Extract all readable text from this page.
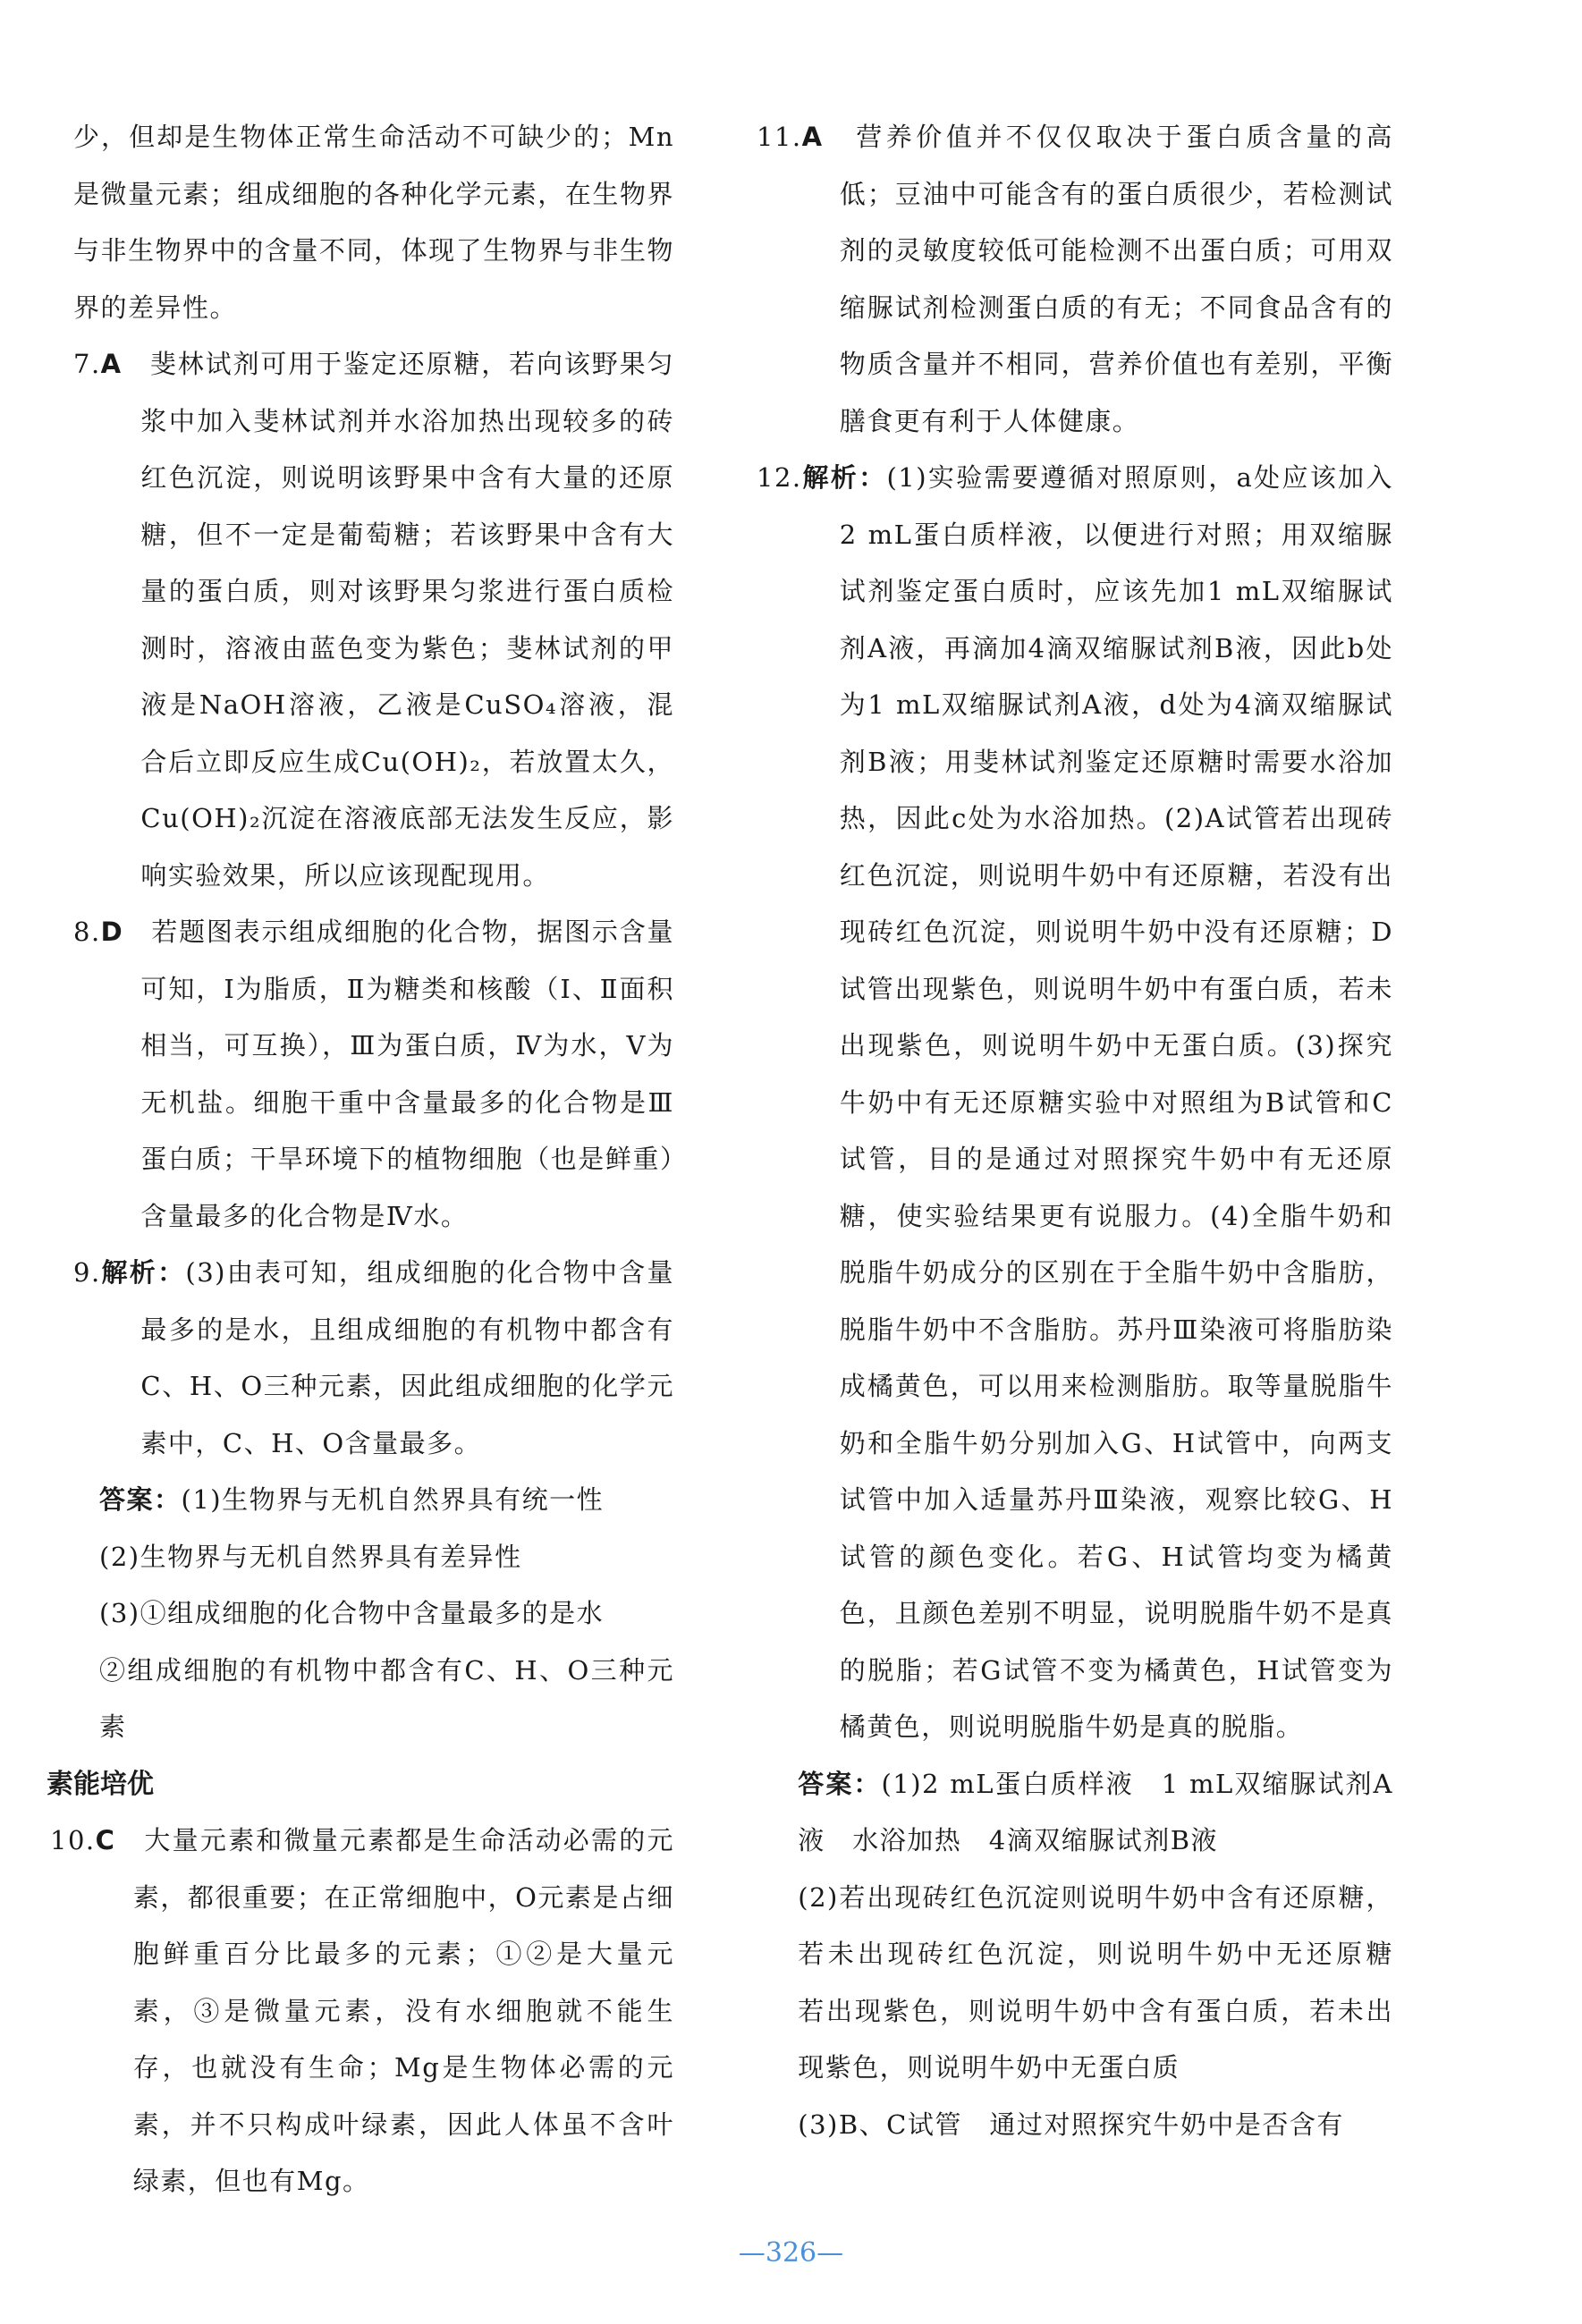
少，但却是生物体正常生命活动不可缺少的；Mn是微量元素；组成细胞的各种化学元素，在生物界与非生物界中的含量不同，体现了生物界与非生物界的差异性。
7.A　 斐林试剂可用于鉴定还原糖，若向该野果匀浆中加入斐林试剂并水浴加热出现较多的砖红色沉淀，则说明该野果中含有大量的还原糖，但不一定是葡萄糖；若该野果中含有大量的蛋白质，则对该野果匀浆进行蛋白质检测时，溶液由蓝色变为紫色；斐林试剂的甲液是NaOH溶液，乙液是CuSO₄溶液，混合后立即反应生成Cu(OH)₂，若放置太久，Cu(OH)₂沉淀在溶液底部无法发生反应，影响实验效果，所以应该现配现用。
8.D　 若题图表示组成细胞的化合物，据图示含量可知，Ⅰ为脂质，Ⅱ为糖类和核酸（Ⅰ、Ⅱ面积相当，可互换），Ⅲ为蛋白质，Ⅳ为水，Ⅴ为无机盐。细胞干重中含量最多的化合物是Ⅲ蛋白质；干旱环境下的植物细胞（也是鲜重）含量最多的化合物是Ⅳ水。
9.解析：(3)由表可知，组成细胞的化合物中含量最多的是水，且组成细胞的有机物中都含有C、H、O三种元素，因此组成细胞的化学元素中，C、H、O含量最多。
答案：(1)生物界与无机自然界具有统一性
(2)生物界与无机自然界具有差异性
(3)①组成细胞的化合物中含量最多的是水
②组成细胞的有机物中都含有C、H、O三种元素
素能培优
10.C　 大量元素和微量元素都是生命活动必需的元素，都很重要；在正常细胞中，O元素是占细胞鲜重百分比最多的元素；①②是大量元素，③是微量元素，没有水细胞就不能生存，也就没有生命；Mg是生物体必需的元素，并不只构成叶绿素，因此人体虽不含叶绿素，但也有Mg。
11.A　 营养价值并不仅仅取决于蛋白质含量的高低；豆油中可能含有的蛋白质很少，若检测试剂的灵敏度较低可能检测不出蛋白质；可用双缩脲试剂检测蛋白质的有无；不同食品含有的物质含量并不相同，营养价值也有差别，平衡膳食更有利于人体健康。
12.解析：(1)实验需要遵循对照原则，a处应该加入2 mL蛋白质样液，以便进行对照；用双缩脲试剂鉴定蛋白质时，应该先加1 mL双缩脲试剂A液，再滴加4滴双缩脲试剂B液，因此b处为1 mL双缩脲试剂A液，d处为4滴双缩脲试剂B液；用斐林试剂鉴定还原糖时需要水浴加热，因此c处为水浴加热。(2)A试管若出现砖红色沉淀，则说明牛奶中有还原糖，若没有出现砖红色沉淀，则说明牛奶中没有还原糖；D试管出现紫色，则说明牛奶中有蛋白质，若未出现紫色，则说明牛奶中无蛋白质。(3)探究牛奶中有无还原糖实验中对照组为B试管和C试管，目的是通过对照探究牛奶中有无还原糖，使实验结果更有说服力。(4)全脂牛奶和脱脂牛奶成分的区别在于全脂牛奶中含脂肪，脱脂牛奶中不含脂肪。苏丹Ⅲ染液可将脂肪染成橘黄色，可以用来检测脂肪。取等量脱脂牛奶和全脂牛奶分别加入G、H试管中，向两支试管中加入适量苏丹Ⅲ染液，观察比较G、H试管的颜色变化。若G、H试管均变为橘黄色，且颜色差别不明显，说明脱脂牛奶不是真的脱脂；若G试管不变为橘黄色，H试管变为橘黄色，则说明脱脂牛奶是真的脱脂。
答案：(1)2 mL蛋白质样液　1 mL双缩脲试剂A液　水浴加热　4滴双缩脲试剂B液
(2)若出现砖红色沉淀则说明牛奶中含有还原糖，若未出现砖红色沉淀，则说明牛奶中无还原糖　若出现紫色，则说明牛奶中含有蛋白质，若未出现紫色，则说明牛奶中无蛋白质
(3)B、C试管　通过对照探究牛奶中是否含有
—326—
